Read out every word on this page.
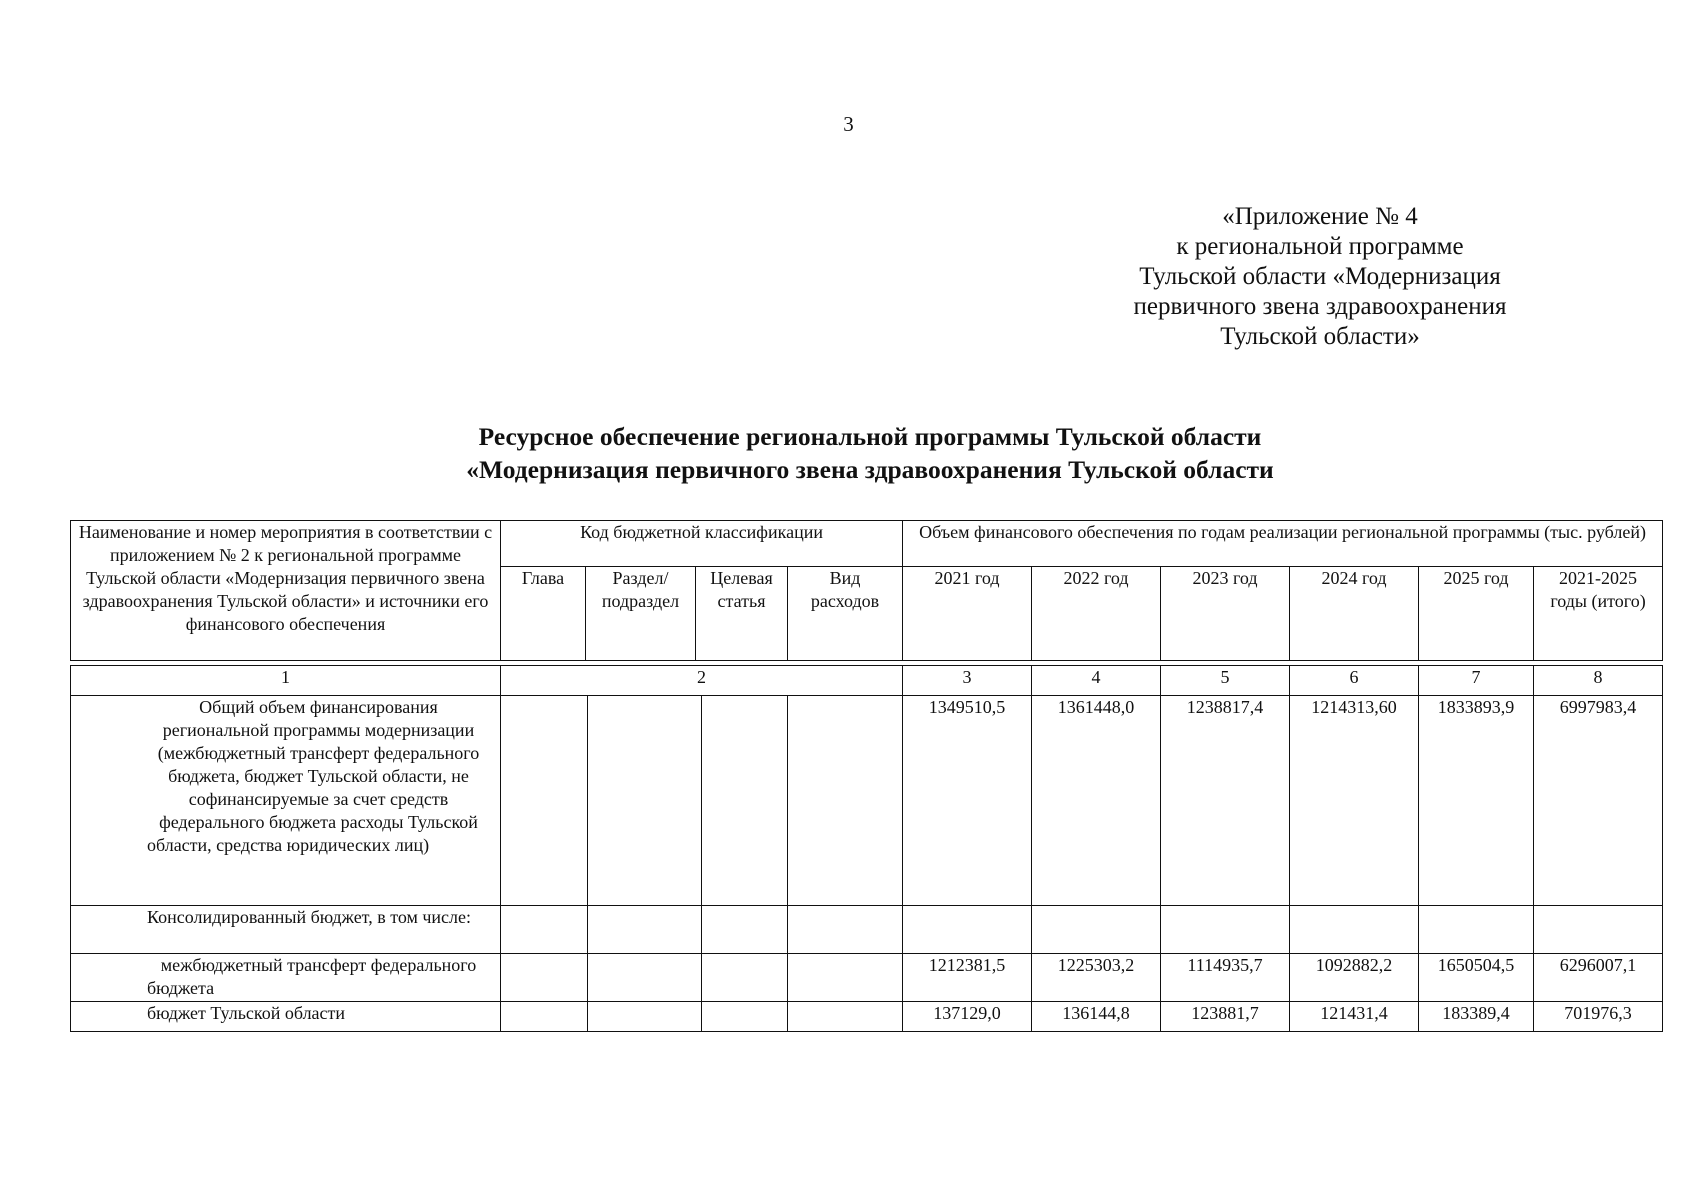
3
«Приложение № 4
к региональной программе
Тульской области «Модернизация
первичного звена здравоохранения
Тульской области»
Ресурсное обеспечение региональной программы Тульской области
«Модернизация первичного звена здравоохранения Тульской области
Наименование и номер мероприятия в соответствии с приложением № 2 к региональной программе Тульской области «Модернизация первичного звена здравоохранения Тульской области» и источники его финансового обеспечения	Код бюджетной классификации				Объем финансового обеспечения по годам реализации региональной программы (тыс. рублей)					
	Глава	Раздел/ подраздел	Целевая статья	Вид расходов	2021 год	2022 год	2023 год	2024 год	2025 год	2021-2025 годы (итого)
1	2				3	4	5	6	7	8
Общий объем финансирования региональной программы модернизации (межбюджетный трансферт федерального бюджета, бюджет Тульской области, не софинансируемые за счет средств федерального бюджета расходы Тульской области, средства юридических лиц)					1349510,5	1361448,0	1238817,4	1214313,60	1833893,9	6997983,4
Консолидированный бюджет, в том числе:										
межбюджетный трансферт федерального бюджета					1212381,5	1225303,2	1114935,7	1092882,2	1650504,5	6296007,1
бюджет Тульской области					137129,0	136144,8	123881,7	121431,4	183389,4	701976,3
